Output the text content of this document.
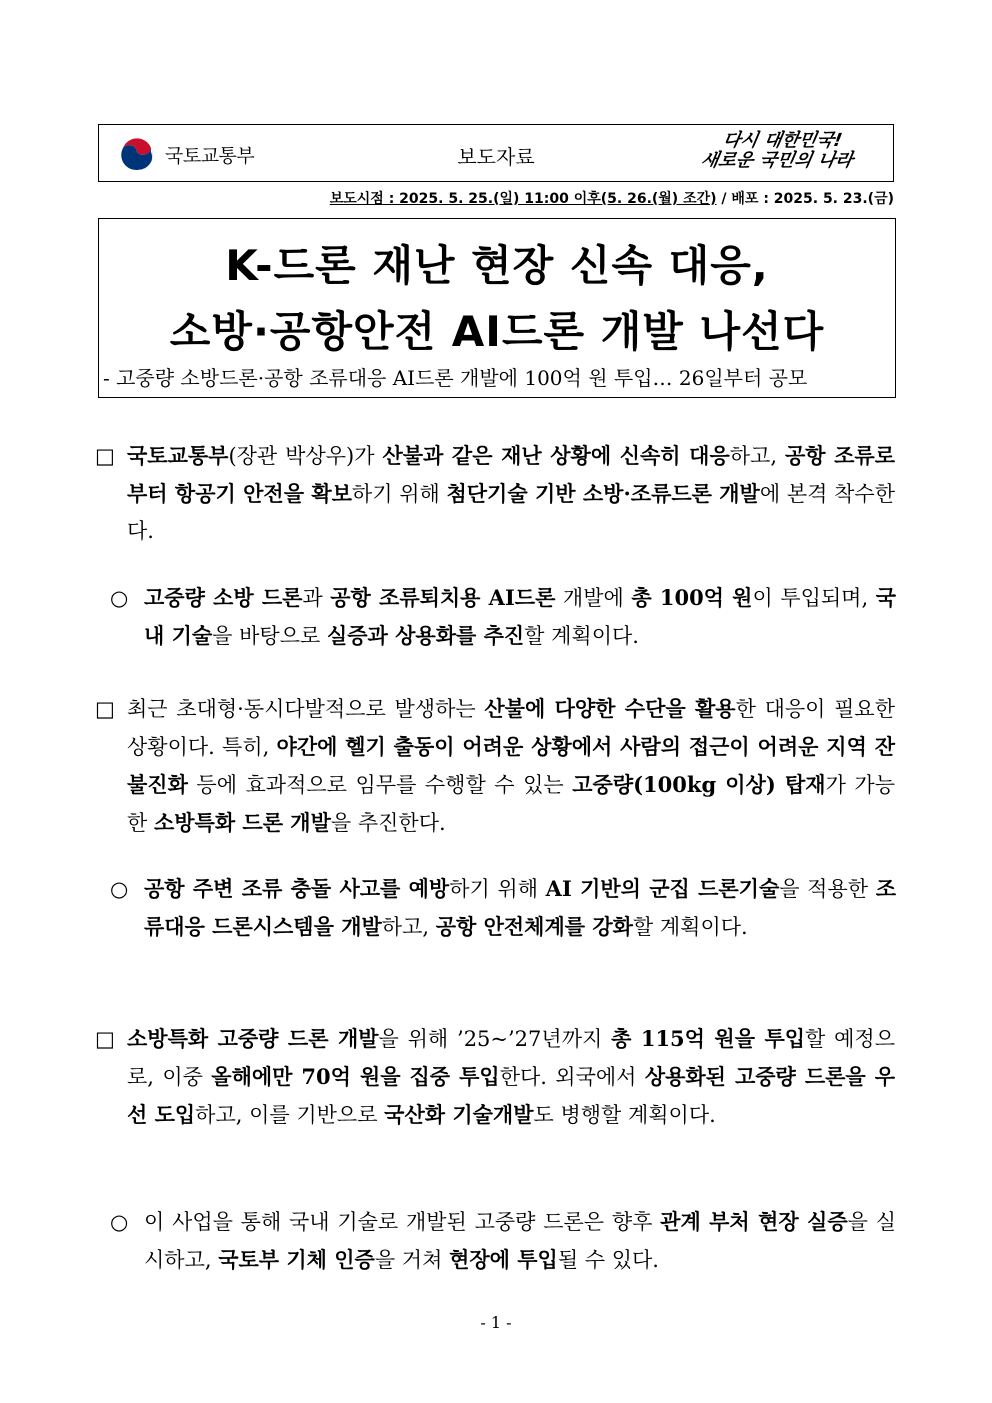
국토교통부	보도자료
다시 대한민국!
새로운 국민의 나라
보도시점 : 2025. 5. 25.(일) 11:00 이후(5. 26.(월) 조간) / 배포 : 2025. 5. 23.(금)
K-드론 재난 현장 신속 대응,
소방·공항안전 AI드론 개발 나선다
- 고중량 소방드론·공항 조류대응 AI드론 개발에 100억 원 투입… 26일부터 공모
□ 국토교통부(장관 박상우)가 산불과 같은 재난 상황에 신속히 대응하고, 공항 조류로부터 항공기 안전을 확보하기 위해 첨단기술 기반 소방·조류드론 개발에 본격 착수한다.
○ 고중량 소방 드론과 공항 조류퇴치용 AI드론 개발에 총 100억 원이 투입되며, 국내 기술을 바탕으로 실증과 상용화를 추진할 계획이다.
□ 최근 초대형·동시다발적으로 발생하는 산불에 다양한 수단을 활용한 대응이 필요한 상황이다. 특히, 야간에 헬기 출동이 어려운 상황에서 사람의 접근이 어려운 지역 잔불진화 등에 효과적으로 임무를 수행할 수 있는 고중량(100kg 이상) 탑재가 가능한 소방특화 드론 개발을 추진한다.
○ 공항 주변 조류 충돌 사고를 예방하기 위해 AI 기반의 군집 드론기술을 적용한 조류대응 드론시스템을 개발하고, 공항 안전체계를 강화할 계획이다.
□ 소방특화 고중량 드론 개발을 위해 ’25~’27년까지 총 115억 원을 투입할 예정으로, 이중 올해에만 70억 원을 집중 투입한다. 외국에서 상용화된 고중량 드론을 우선 도입하고, 이를 기반으로 국산화 기술개발도 병행할 계획이다.
○ 이 사업을 통해 국내 기술로 개발된 고중량 드론은 향후 관계 부처 현장 실증을 실시하고, 국토부 기체 인증을 거쳐 현장에 투입될 수 있다.
- 1 -
